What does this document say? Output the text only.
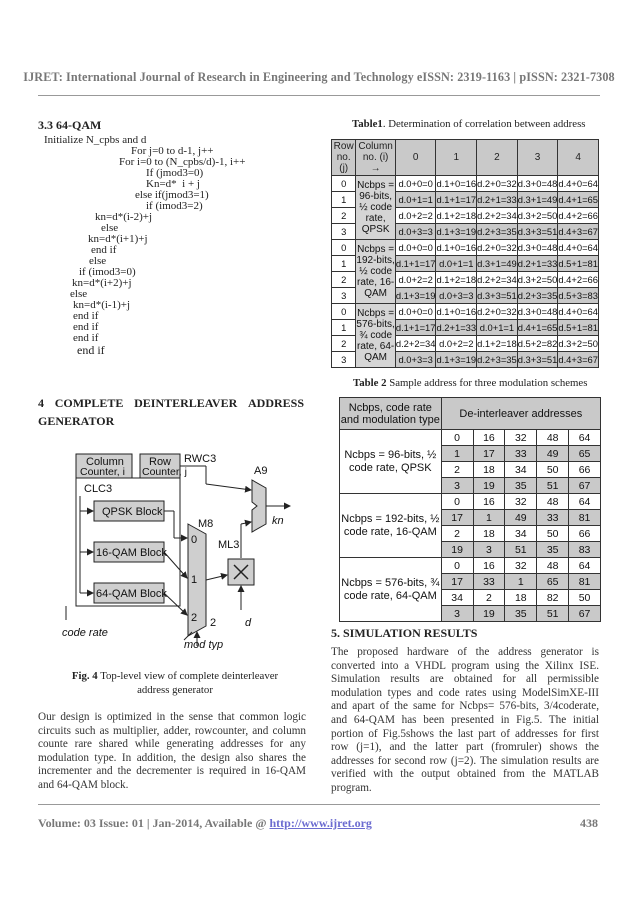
IJRET: International Journal of Research in Engineering and Technology eISSN: 2319-1163 | pISSN: 2321-7308
3.3 64-QAM
Initialize N_cpbs and d
For j=0 to d-1, j++
For i=0 to (N_cpbs/d)-1, i++
If (jmod3=0)
Kn=d*  i + j
else if(jmod3=1)
if (imod3=2)
kn=d*(i-2)+j
else
kn=d*(i+1)+j
end if
else
if (imod3=0)
kn=d*(i+2)+j
else
kn=d*(i-1)+j
end if
end if
end if
end if
4 COMPLETE DEINTERLEAVER ADDRESS
GENERATOR
Column
Counter, i
Row
Counter, j
RWC3
A9
CLC3
QPSK Block
16-QAM Block
64-QAM Block
M8
ML3
0
1
2
kn
code rate
mod typ
2	d
Fig. 4 Top-level view of complete deinterleaver address generator
Our design is optimized in the sense that common logic circuits such as multiplier, adder, rowcounter, and column counte rare shared while generating addresses for any modulation type. In addition, the design also shares the incrementer and the decrementer is required in 16-QAM and 64-QAM block.
Table1. Determination of correlation between address
Row no.(j)	Column no. (i) →	0	1	2	3	4
0	Ncbps = 96-bits, ½ code rate, QPSK	d.0+0=0	d.1+0=16	d.2+0=32	d.3+0=48	d.4+0=64
1		d.0+1=1	d.1+1=17	d.2+1=33	d.3+1=49	d.4+1=65
2		d.0+2=2	d.1+2=18	d.2+2=34	d.3+2=50	d.4+2=66
3		d.0+3=3	d.1+3=19	d.2+3=35	d.3+3=51	d.4+3=67
0	Ncbps = 192-bits, ½ code rate, 16-QAM	d.0+0=0	d.1+0=16	d.2+0=32	d.3+0=48	d.4+0=64
1		d.1+1=17	d.0+1=1	d.3+1=49	d.2+1=33	d.5+1=81
2		d.0+2=2	d.1+2=18	d.2+2=34	d.3+2=50	d.4+2=66
3		d.1+3=19	d.0+3=3	d.3+3=51	d.2+3=35	d.5+3=83
0	Ncbps = 576-bits, ¾ code rate, 64-QAM	d.0+0=0	d.1+0=16	d.2+0=32	d.3+0=48	d.4+0=64
1		d.1+1=17	d.2+1=33	d.0+1=1	d.4+1=65	d.5+1=81
2		d.2+2=34	d.0+2=2	d.1+2=18	d.5+2=82	d.3+2=50
3		d.0+3=3	d.1+3=19	d.2+3=35	d.3+3=51	d.4+3=67
Table 2 Sample address for three modulation schemes
Ncbps, code rate and modulation type	De-interleaver addresses				
Ncbps = 96-bits, ½ code rate, QPSK	0	16	32	48	64
	1	17	33	49	65
	2	18	34	50	66
	3	19	35	51	67
Ncbps = 192-bits, ½ code rate, 16-QAM	0	16	32	48	64
	17	1	49	33	81
	2	18	34	50	66
	19	3	51	35	83
Ncbps = 576-bits, ¾ code rate, 64-QAM	0	16	32	48	64
	17	33	1	65	81
	34	2	18	82	50
	3	19	35	51	67
5. SIMULATION RESULTS
The proposed hardware of the address generator is converted into a VHDL program using the Xilinx ISE. Simulation results are obtained for all permissible modulation types and code rates using ModelSimXE-III and apart of the same for Ncbps= 576-bits, 3/4coderate, and 64-QAM has been presented in Fig.5. The initial portion of Fig.5shows the last part of addresses for first row (j=1), and the latter part (fromruler) shows the addresses for second row (j=2). The simulation results are verified with the output obtained from the MATLAB program.
Volume: 03 Issue: 01 | Jan-2014, Available @ http://www.ijret.org	438
